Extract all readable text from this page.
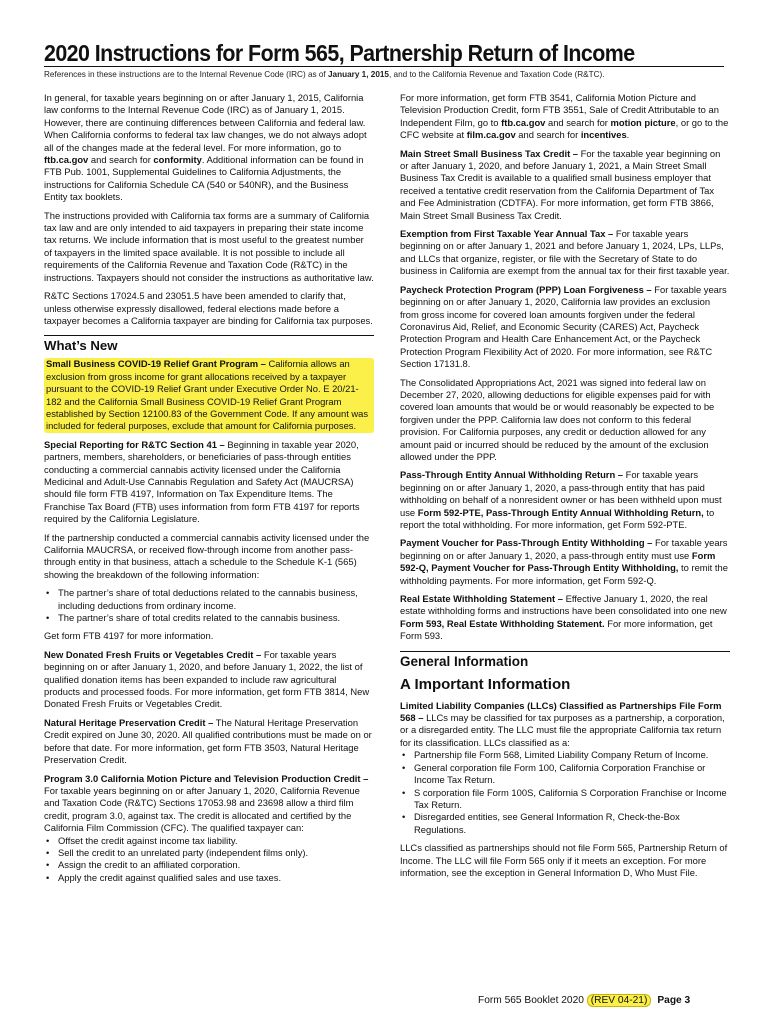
2020 Instructions for Form 565, Partnership Return of Income

References in these instructions are to the Internal Revenue Code (IRC) as of January 1, 2015, and to the California Revenue and Taxation Code (R&TC).

In general, for taxable years beginning on or after January 1, 2015, California law conforms to the Internal Revenue Code (IRC) as of January 1, 2015. However, there are continuing differences between California and federal law. When California conforms to federal tax law changes, we do not always adopt all of the changes made at the federal level. For more information, go to ftb.ca.gov and search for conformity. Additional information can be found in FTB Pub. 1001, Supplemental Guidelines to California Adjustments, the instructions for California Schedule CA (540 or 540NR), and the Business Entity tax booklets.

The instructions provided with California tax forms are a summary of California tax law and are only intended to aid taxpayers in preparing their state income tax returns. We include information that is most useful to the greatest number of taxpayers in the limited space available. It is not possible to include all requirements of the California Revenue and Taxation Code (R&TC) in the instructions. Taxpayers should not consider the instructions as authoritative law.

R&TC Sections 17024.5 and 23051.5 have been amended to clarify that, unless otherwise expressly disallowed, federal elections made before a taxpayer becomes a California taxpayer are binding for California tax purposes.

What’s New

Small Business COVID-19 Relief Grant Program – California allows an exclusion from gross income for grant allocations received by a taxpayer pursuant to the COVID-19 Relief Grant under Executive Order No. E 20/21-182 and the California Small Business COVID-19 Relief Grant Program established by Section 12100.83 of the Government Code. If any amount was included for federal purposes, exclude that amount for California purposes.

Special Reporting for R&TC Section 41 – Beginning in taxable year 2020, partners, members, shareholders, or beneficiaries of pass-through entities conducting a commercial cannabis activity licensed under the California Medicinal and Adult-Use Cannabis Regulation and Safety Act (MAUCRSA) should file form FTB 4197, Information on Tax Expenditure Items. The Franchise Tax Board (FTB) uses information from form FTB 4197 for reports required by the California Legislature.

If the partnership conducted a commercial cannabis activity licensed under the California MAUCRSA, or received flow-through income from another pass-through entity in that business, attach a schedule to the Schedule K-1 (565) showing the breakdown of the following information:

• The partner’s share of total deductions related to the cannabis business, including deductions from ordinary income.
• The partner’s share of total credits related to the cannabis business.

Get form FTB 4197 for more information.

New Donated Fresh Fruits or Vegetables Credit – For taxable years beginning on or after January 1, 2020, and before January 1, 2022, the list of qualified donation items has been expanded to include raw agricultural products and processed foods. For more information, get form FTB 3814, New Donated Fresh Fruits or Vegetables Credit.

Natural Heritage Preservation Credit – The Natural Heritage Preservation Credit expired on June 30, 2020. All qualified contributions must be made on or before that date. For more information, get form FTB 3503, Natural Heritage Preservation Credit.

Program 3.0 California Motion Picture and Television Production Credit – For taxable years beginning on or after January 1, 2020, California Revenue and Taxation Code (R&TC) Sections 17053.98 and 23698 allow a third film credit, program 3.0, against tax. The credit is allocated and certified by the California Film Commission (CFC). The qualified taxpayer can:

• Offset the credit against income tax liability.
• Sell the credit to an unrelated party (independent films only).
• Assign the credit to an affiliated corporation.
• Apply the credit against qualified sales and use taxes.

For more information, get form FTB 3541, California Motion Picture and Television Production Credit, form FTB 3551, Sale of Credit Attributable to an Independent Film, go to ftb.ca.gov and search for motion picture, or go to the CFC website at film.ca.gov and search for incentives.

Main Street Small Business Tax Credit – For the taxable year beginning on or after January 1, 2020, and before January 1, 2021, a Main Street Small Business Tax Credit is available to a qualified small business employer that received a tentative credit reservation from the California Department of Tax and Fee Administration (CDTFA). For more information, get form FTB 3866, Main Street Small Business Tax Credit.

Exemption from First Taxable Year Annual Tax – For taxable years beginning on or after January 1, 2021 and before January 1, 2024, LPs, LLPs, and LLCs that organize, register, or file with the Secretary of State to do business in California are exempt from the annual tax for their first taxable year.

Paycheck Protection Program (PPP) Loan Forgiveness – For taxable years beginning on or after January 1, 2020, California law provides an exclusion from gross income for covered loan amounts forgiven under the federal Coronavirus Aid, Relief, and Economic Security (CARES) Act, Paycheck Protection Program and Health Care Enhancement Act, or the Paycheck Protection Program Flexibility Act of 2020. For more information, see R&TC Section 17131.8.

The Consolidated Appropriations Act, 2021 was signed into federal law on December 27, 2020, allowing deductions for eligible expenses paid for with covered loan amounts that would be or would reasonably be expected to be forgiven under the PPP. California law does not conform to this federal provision. For California purposes, any credit or deduction allowed for any amount paid or incurred should be reduced by the amount of the exclusion allowed under the PPP.

Pass-Through Entity Annual Withholding Return – For taxable years beginning on or after January 1, 2020, a pass-through entity that has paid withholding on behalf of a nonresident owner or has been withheld upon must use Form 592-PTE, Pass-Through Entity Annual Withholding Return, to report the total withholding. For more information, get Form 592-PTE.

Payment Voucher for Pass-Through Entity Withholding – For taxable years beginning on or after January 1, 2020, a pass-through entity must use Form 592-Q, Payment Voucher for Pass-Through Entity Withholding, to remit the withholding payments. For more information, get Form 592-Q.

Real Estate Withholding Statement – Effective January 1, 2020, the real estate withholding forms and instructions have been consolidated into one new Form 593, Real Estate Withholding Statement. For more information, get Form 593.

General Information
A Important Information

Limited Liability Companies (LLCs) Classified as Partnerships File Form 568 – LLCs may be classified for tax purposes as a partnership, a corporation, or a disregarded entity. The LLC must file the appropriate California tax return for its classification. LLCs classified as a:

• Partnership file Form 568, Limited Liability Company Return of Income.
• General corporation file Form 100, California Corporation Franchise or Income Tax Return.
• S corporation file Form 100S, California S Corporation Franchise or Income Tax Return.
• Disregarded entities, see General Information R, Check-the-Box Regulations.

LLCs classified as partnerships should not file Form 565, Partnership Return of Income. The LLC will file Form 565 only if it meets an exception. For more information, see the exception in General Information D, Who Must File.

Form 565 Booklet 2020 (REV 04-21) Page 3
